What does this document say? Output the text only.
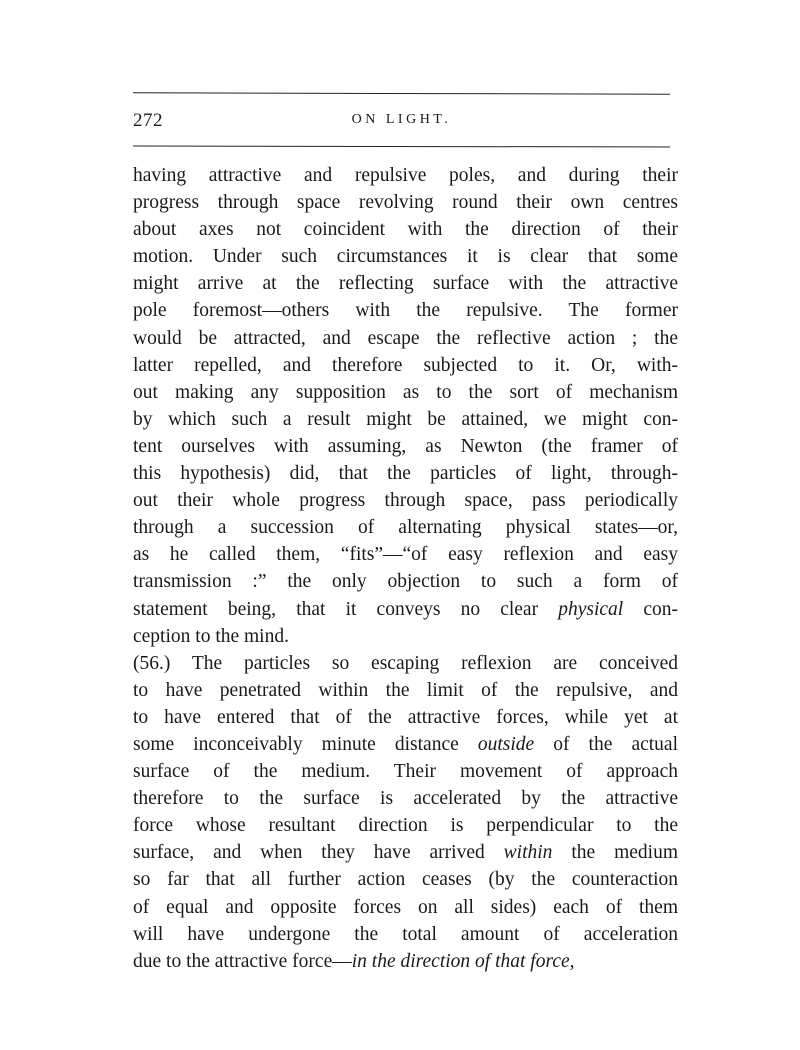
272	ON LIGHT.
having attractive and repulsive poles, and during their
progress through space revolving round their own centres
about axes not coincident with the direction of their
motion. Under such circumstances it is clear that some
might arrive at the reflecting surface with the attractive
pole foremost—others with the repulsive. The former
would be attracted, and escape the reflective action ; the
latter repelled, and therefore subjected to it. Or, with-
out making any supposition as to the sort of mechanism
by which such a result might be attained, we might con-
tent ourselves with assuming, as Newton (the framer of
this hypothesis) did, that the particles of light, through-
out their whole progress through space, pass periodically
through a succession of alternating physical states—or,
as he called them, “fits”—“of easy reflexion and easy
transmission :” the only objection to such a form of
statement being, that it conveys no clear physical con-
ception to the mind.
(56.) The particles so escaping reflexion are conceived
to have penetrated within the limit of the repulsive, and
to have entered that of the attractive forces, while yet at
some inconceivably minute distance outside of the actual
surface of the medium. Their movement of approach
therefore to the surface is accelerated by the attractive
force whose resultant direction is perpendicular to the
surface, and when they have arrived within the medium
so far that all further action ceases (by the counteraction
of equal and opposite forces on all sides) each of them
will have undergone the total amount of acceleration
due to the attractive force—in the direction of that force,
